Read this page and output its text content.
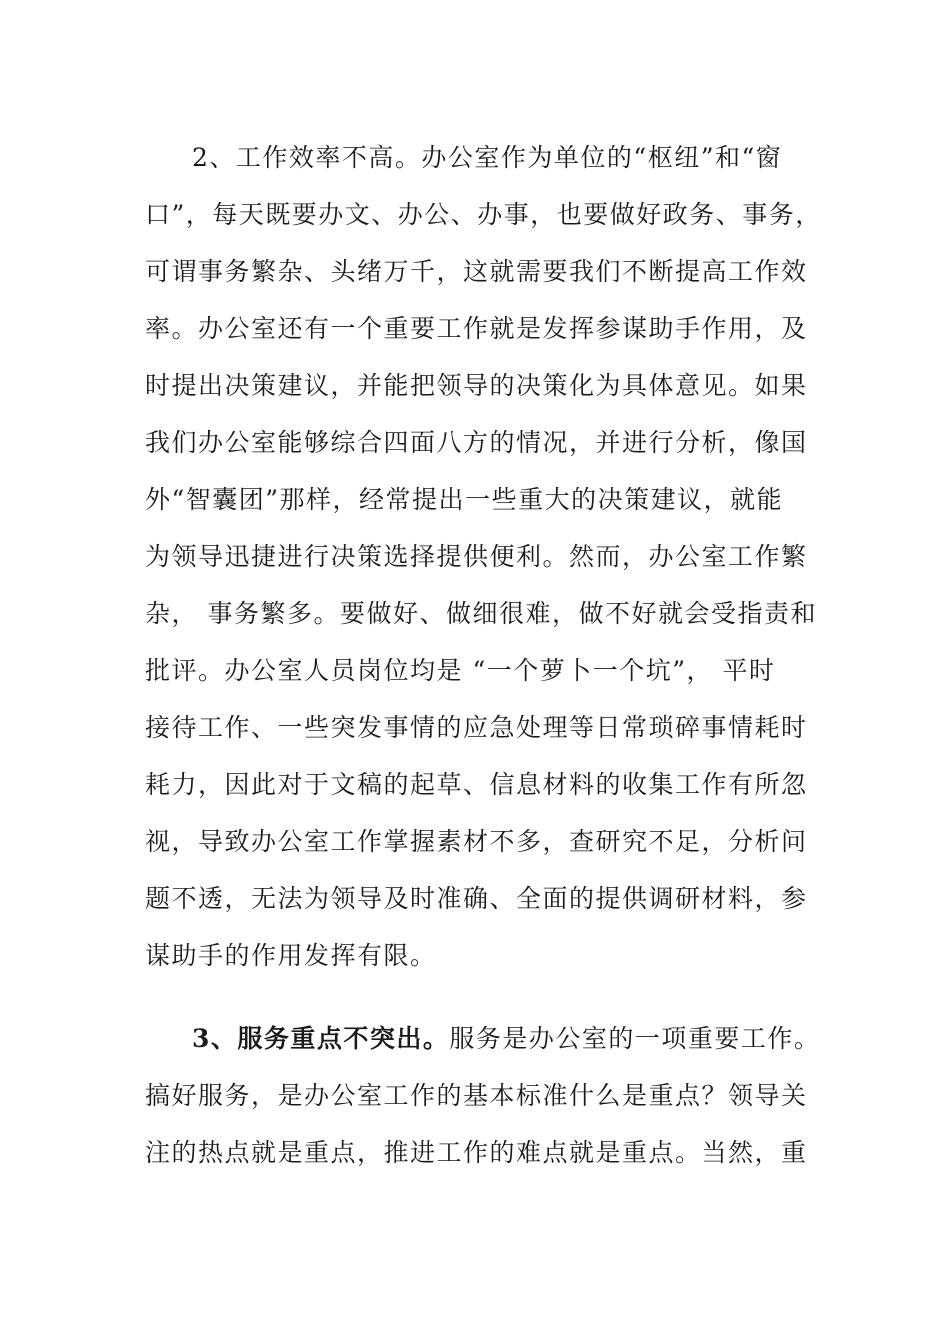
2、工作效率不高。办公室作为单位的“枢纽”和“窗
口”，每天既要办文、办公、办事，也要做好政务、事务，
可谓事务繁杂、头绪万千，这就需要我们不断提高工作效
率。办公室还有一个重要工作就是发挥参谋助手作用，及
时提出决策建议，并能把领导的决策化为具体意见。如果
我们办公室能够综合四面八方的情况，并进行分析，像国
外“智囊团”那样，经常提出一些重大的决策建议，就能
为领导迅捷进行决策选择提供便利。然而，办公室工作繁
杂， 事务繁多。要做好、做细很难，做不好就会受指责和
批评。办公室人员岗位均是 “一个萝卜一个坑”， 平时
接待工作、一些突发事情的应急处理等日常琐碎事情耗时
耗力，因此对于文稿的起草、信息材料的收集工作有所忽
视，导致办公室工作掌握素材不多，查研究不足，分析问
题不透，无法为领导及时准确、全面的提供调研材料，参
谋助手的作用发挥有限。
3、服务重点不突出。服务是办公室的一项重要工作。
搞好服务，是办公室工作的基本标准什么是重点？领导关
注的热点就是重点，推进工作的难点就是重点。当然，重
